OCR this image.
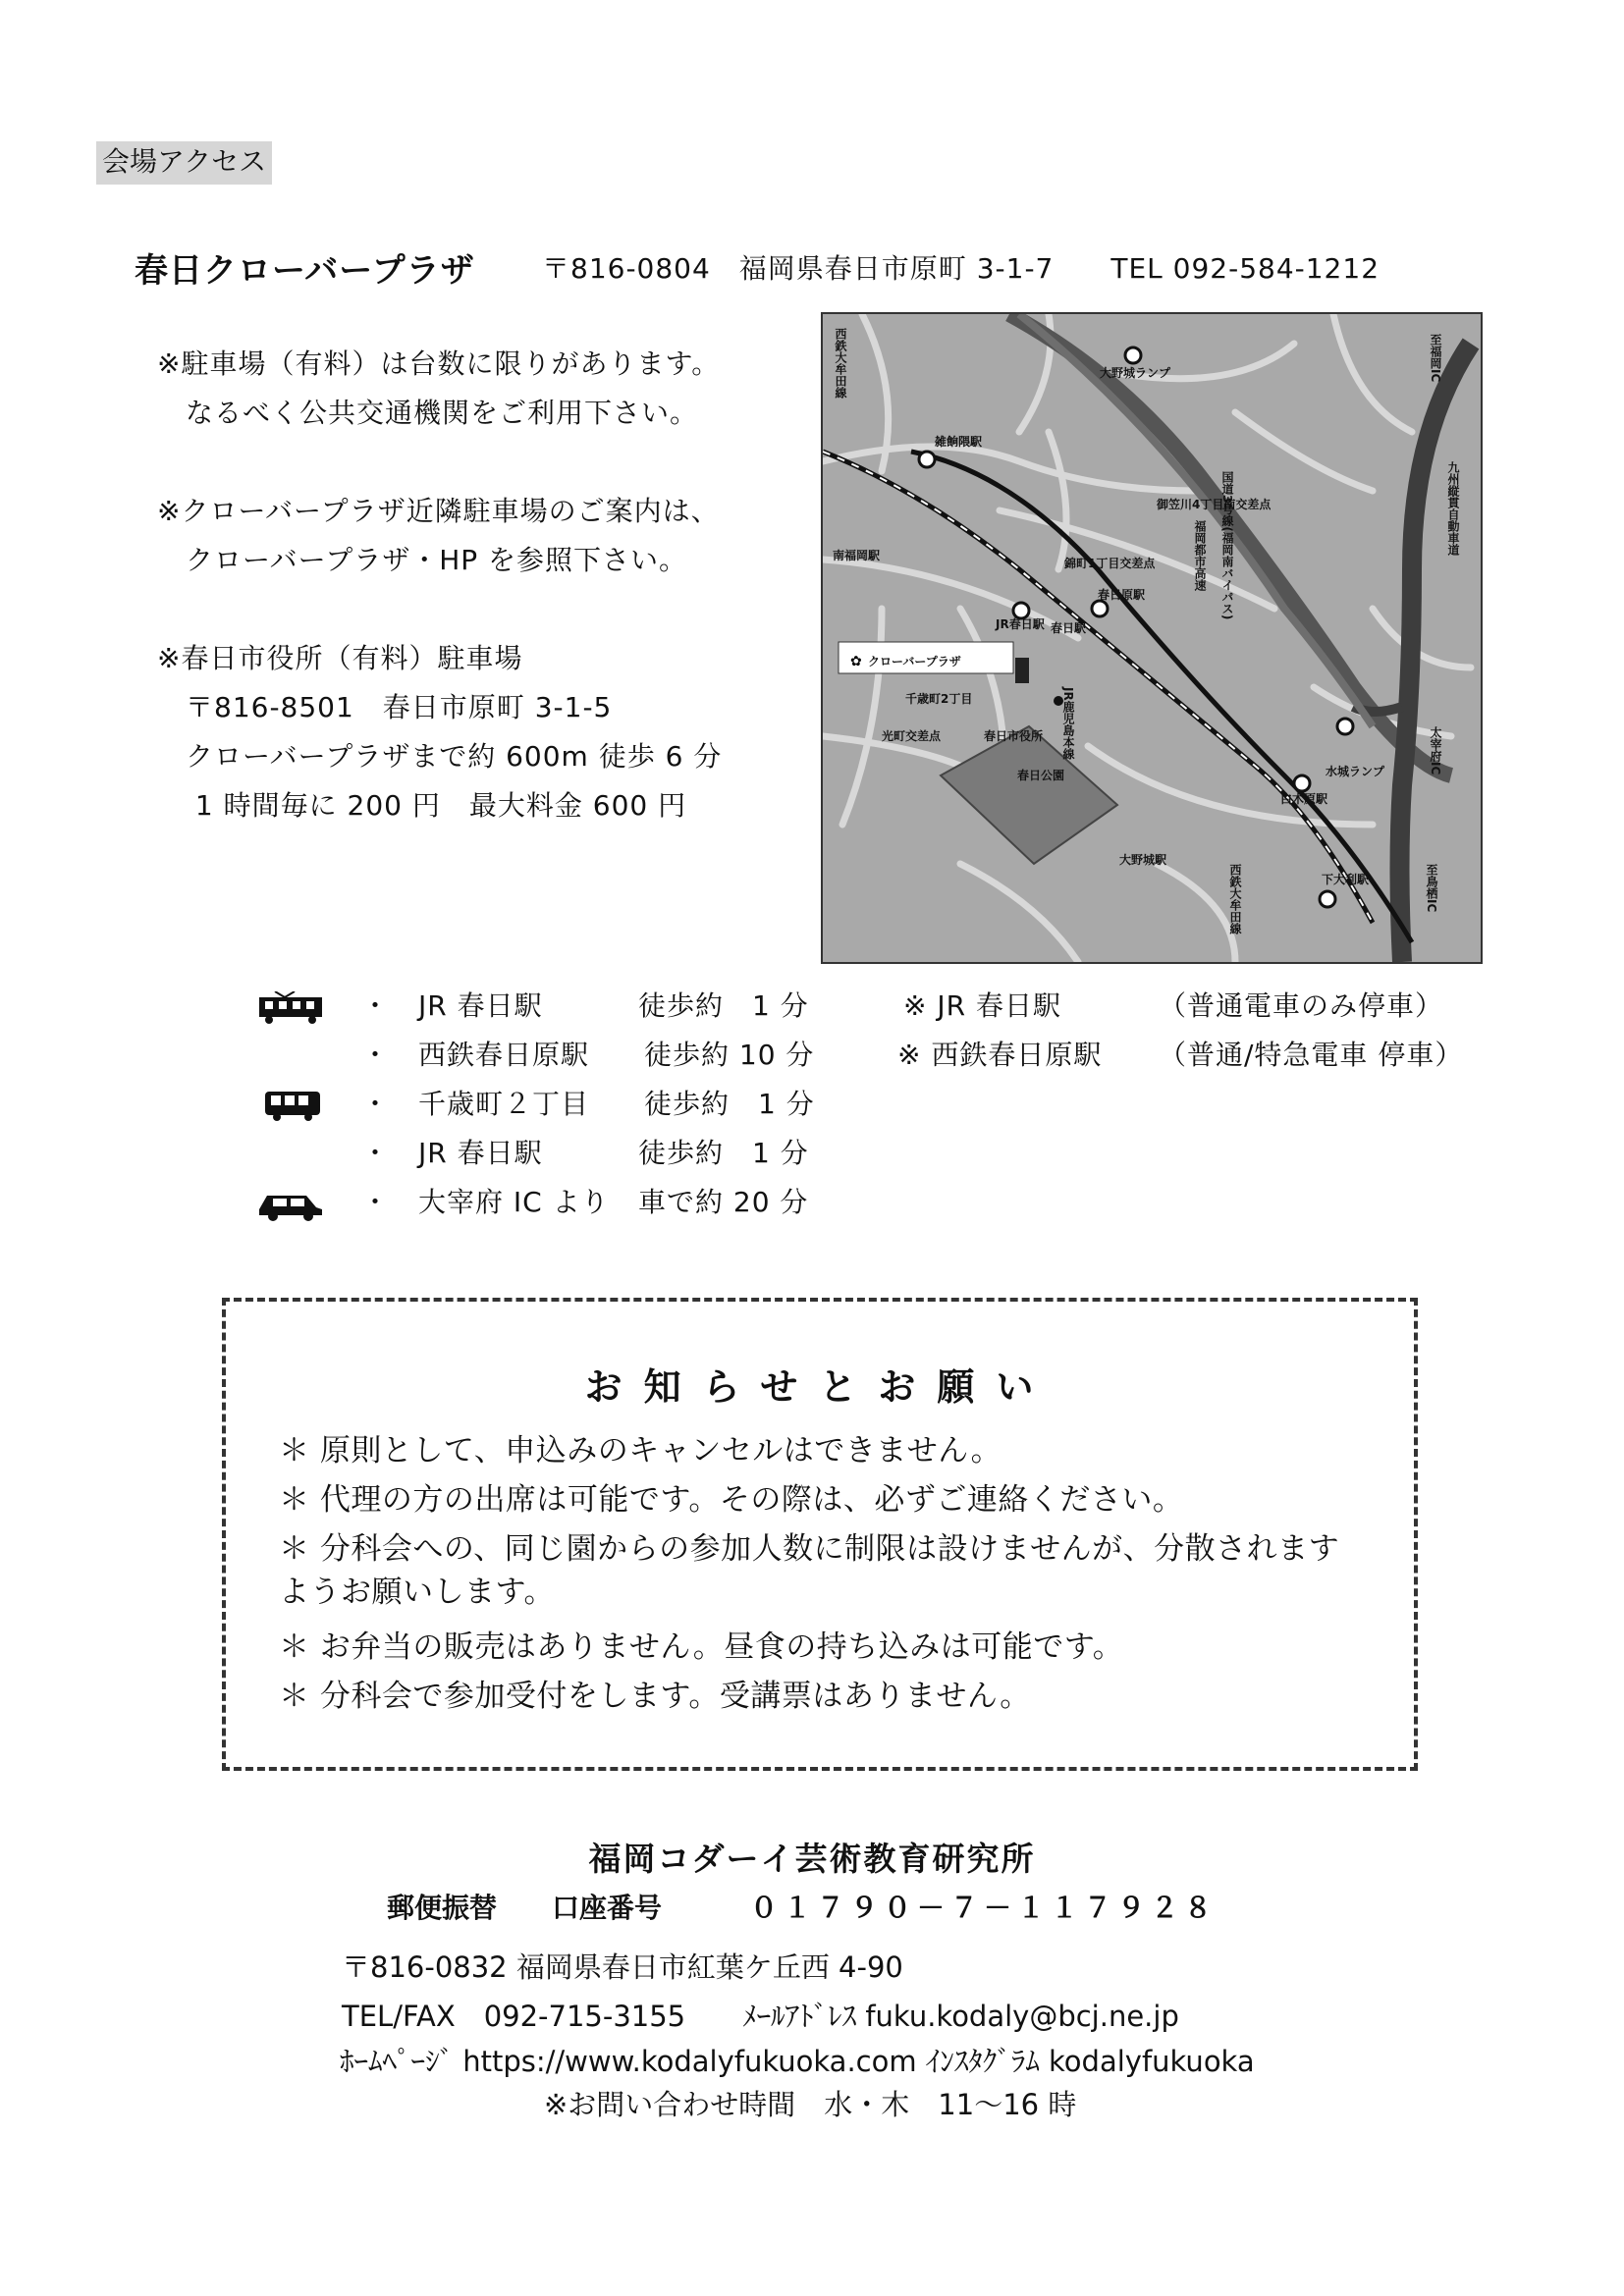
会場アクセス
春日クローバープラザ 〒816-0804　福岡県春日市原町 3-1-7　　TEL 092-584-1212
※駐車場（有料）は台数に限りがあります。
　なるべく公共交通機関をご利用下さい。
※クローバープラザ近隣駐車場のご案内は、
　クローバープラザ・HP を参照下さい。
※春日市役所（有料）駐車場
　〒816-8501　春日市原町 3-1-5
　クローバープラザまで約 600m 徒歩 6 分
　 1 時間毎に 200 円　最大料金 600 円
✿ クローバープラザ
大野城ランプ
雑餉隈駅
南福岡駅
御笠川4丁目南交差点
錦町1丁目交差点
春日原駅
JR春日駅 春日駅
千歳町2丁目
光町交差点	春日市役所
春日公園
白木原駅
大野城駅
水城ランプ
下大利駅
至福岡IC
九州縦貫自動車道
太宰府IC
至鳥栖IC
国道3号線(福岡南バイパス)
福岡都市高速
西鉄大牟田線
JR鹿児島本線
西鉄大牟田線
・　JR 春日駅	徒歩約　1 分	※ JR 春日駅	（普通電車のみ停車）
・　西鉄春日原駅 徒歩約 10 分	※ 西鉄春日原駅 （普通/特急電車 停車）
・　千歳町２丁目 徒歩約　1 分
・　JR 春日駅	徒歩約　1 分
・　大宰府 IC より 車で約 20 分
お知らせとお願い
＊ 原則として、申込みのキャンセルはできません。
＊ 代理の方の出席は可能です。その際は、必ずご連絡ください。
＊ 分科会への、同じ園からの参加人数に制限は設けませんが、分散されます
ようお願いします。
＊ お弁当の販売はありません。昼食の持ち込みは可能です。
＊ 分科会で参加受付をします。受講票はありません。
福岡コダーイ芸術教育研究所
郵便振替　　口座番号	０１７９０－７－１１７９２８
〒816-0832 福岡県春日市紅葉ケ丘西 4-90
TEL/FAX　092-715-3155　　ﾒｰﾙｱﾄﾞﾚｽ fuku.kodaly@bcj.ne.jp
ﾎｰﾑﾍﾟｰｼﾞ https://www.kodalyfukuoka.com ｲﾝｽﾀｸﾞﾗﾑ kodalyfukuoka
※お問い合わせ時間　水・木　11～16 時
